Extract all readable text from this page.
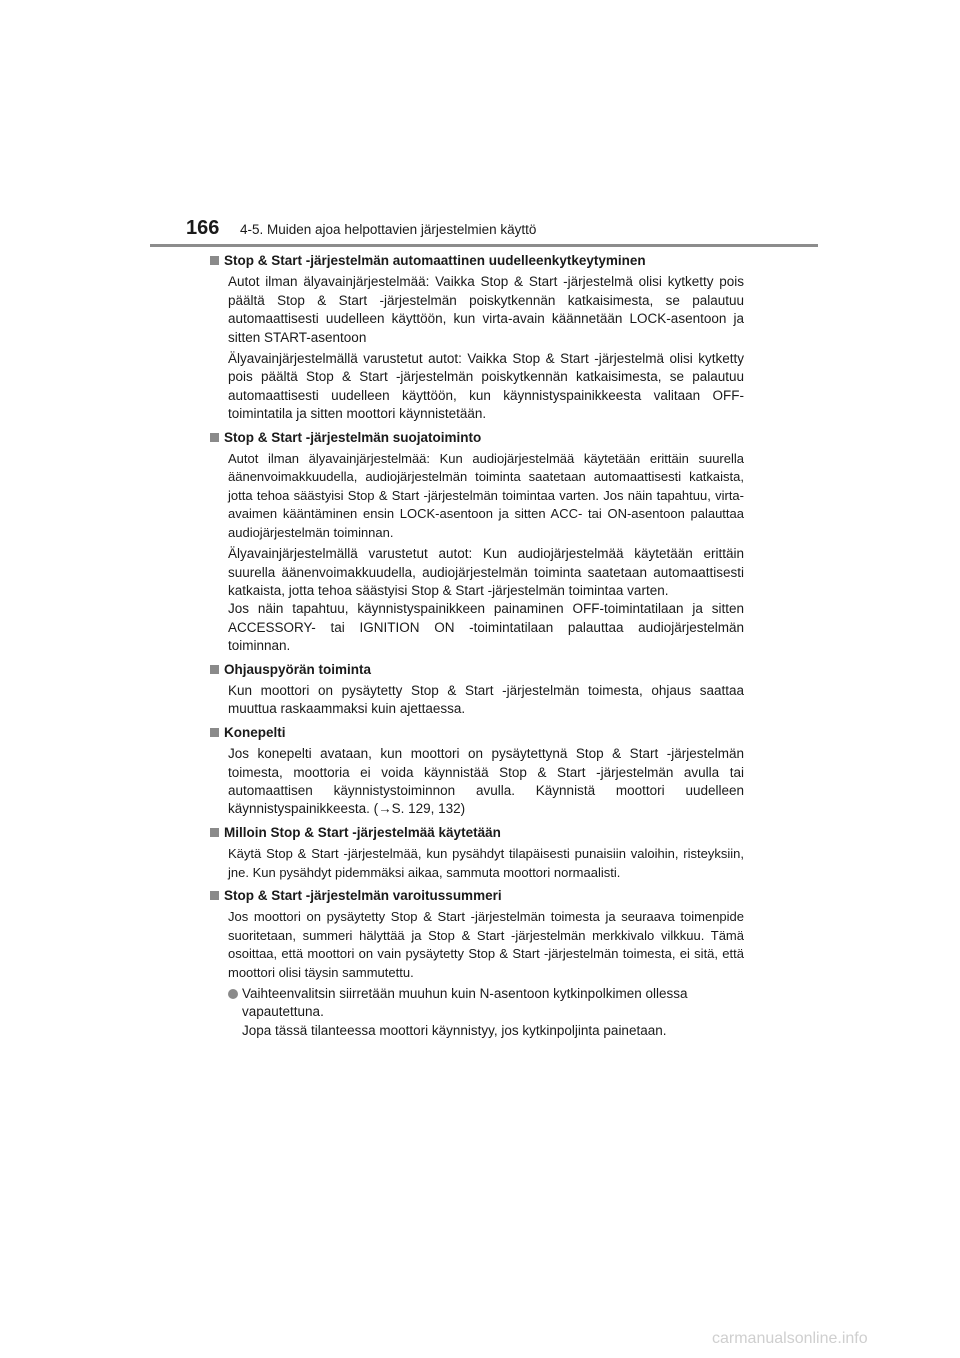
166 4-5. Muiden ajoa helpottavien järjestelmien käyttö
Stop & Start -järjestelmän automaattinen uudelleenkytkeytyminen
Autot ilman älyavainjärjestelmää: Vaikka Stop & Start -järjestelmä olisi kytketty pois päältä Stop & Start -järjestelmän poiskytkennän katkaisimesta, se palautuu automaattisesti uudelleen käyttöön, kun virta-avain käännetään LOCK-asentoon ja sitten START-asentoon
Älyavainjärjestelmällä varustetut autot: Vaikka Stop & Start -järjestelmä olisi kytketty pois päältä Stop & Start -järjestelmän poiskytkennän katkaisimesta, se palautuu automaattisesti uudelleen käyttöön, kun käynnistyspainikkeesta valitaan OFF-toimintatila ja sitten moottori käynnistetään.
Stop & Start -järjestelmän suojatoiminto
Autot ilman älyavainjärjestelmää: Kun audiojärjestelmää käytetään erittäin suurella äänenvoimakkuudella, audiojärjestelmän toiminta saatetaan automaattisesti katkaista, jotta tehoa säästyisi Stop & Start -järjestelmän toimintaa varten. Jos näin tapahtuu, virta-avaimen kääntäminen ensin LOCK-asentoon ja sitten ACC- tai ON-asentoon palauttaa audiojärjestelmän toiminnan.
Älyavainjärjestelmällä varustetut autot: Kun audiojärjestelmää käytetään erittäin suurella äänenvoimakkuudella, audiojärjestelmän toiminta saatetaan automaattisesti katkaista, jotta tehoa säästyisi Stop & Start -järjestelmän toimintaa varten.
Jos näin tapahtuu, käynnistyspainikkeen painaminen OFF-toimintatilaan ja sitten ACCESSORY- tai IGNITION ON -toimintatilaan palauttaa audiojärjestelmän toiminnan.
Ohjauspyörän toiminta
Kun moottori on pysäytetty Stop & Start -järjestelmän toimesta, ohjaus saattaa muuttua raskaammaksi kuin ajettaessa.
Konepelti
Jos konepelti avataan, kun moottori on pysäytettynä Stop & Start -järjestelmän toimesta, moottoria ei voida käynnistää Stop & Start -järjestelmän avulla tai automaattisen käynnistystoiminnon avulla. Käynnistä moottori uudelleen käynnistyspainikkeesta. (→S. 129, 132)
Milloin Stop & Start -järjestelmää käytetään
Käytä Stop & Start -järjestelmää, kun pysähdyt tilapäisesti punaisiin valoihin, risteyksiin, jne. Kun pysähdyt pidemmäksi aikaa, sammuta moottori normaalisti.
Stop & Start -järjestelmän varoitussummeri
Jos moottori on pysäytetty Stop & Start -järjestelmän toimesta ja seuraava toimenpide suoritetaan, summeri hälyttää ja Stop & Start -järjestelmän merkkivalo vilkkuu. Tämä osoittaa, että moottori on vain pysäytetty Stop & Start -järjestelmän toimesta, ei sitä, että moottori olisi täysin sammutettu.
Vaihteenvalitsin siirretään muuhun kuin N-asentoon kytkinpolkimen ollessa vapautettuna.
Jopa tässä tilanteessa moottori käynnistyy, jos kytkinpoljinta painetaan.
carmanualsonline.info
